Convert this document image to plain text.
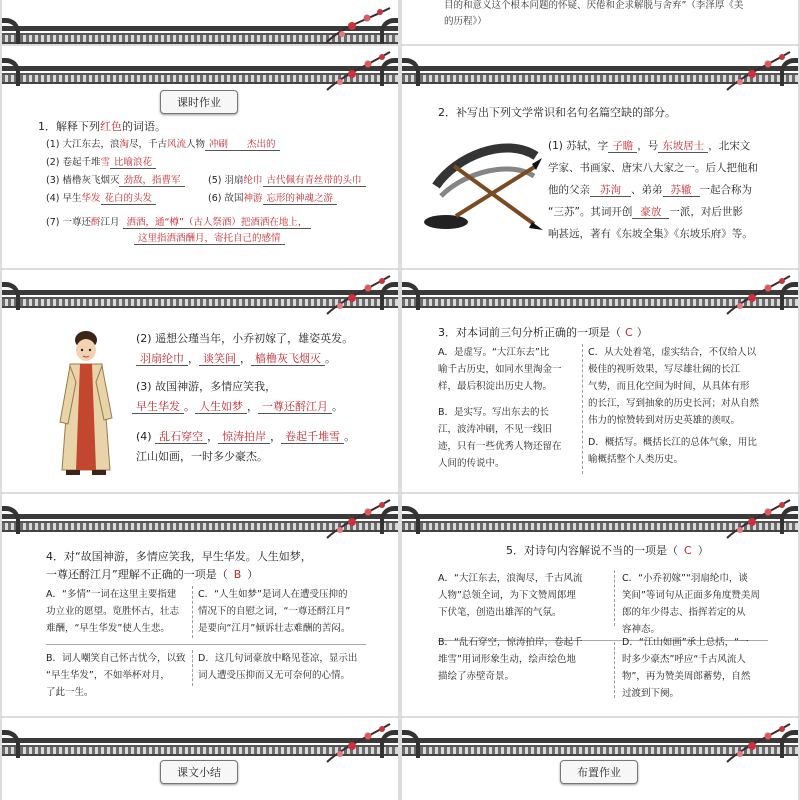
目的和意义这个根本问题的怀疑、厌倦和企求解脱与舍弃”（李泽厚《美
的历程》）
课时作业
1．解释下列红色的词语。
(1) 大江东去，浪淘尽，千古风流人物 冲刷　　杰出的
(2) 卷起千堆雪 比喻浪花
(3) 樯橹灰飞烟灭 劲敌，指曹军
(4) 早生华发 花白的头发
(5) 羽扇纶巾 古代佩有青丝带的头巾
(6) 故国神游 忘形的神魂之游
(7) 一尊还酹江月 洒酒，通“樽”（古人祭酒）把酒洒在地上，
这里指洒酒酬月，寄托自己的感情
2．补写出下列文学常识和名句名篇空缺的部分。
(1) 苏轼，字 子瞻 ，号 东坡居士 ，北宋文
学家、书画家、唐宋八大家之一。后人把他和
他的父亲 苏洵 、弟弟 苏辙 一起合称为
“三苏”。其词开创 豪放 一派，对后世影
响甚远，著有《东坡全集》《东坡乐府》等。
(2) 遥想公瑾当年，小乔初嫁了，雄姿英发。
羽扇纶巾 ， 谈笑间 ， 樯橹灰飞烟灭 。
(3) 故国神游，多情应笑我，
早生华发 。 人生如梦 ， 一尊还酹江月 。
(4) 乱石穿空 ， 惊涛拍岸 ， 卷起千堆雪 。
江山如画，一时多少豪杰。
3．对本词前三句分析正确的一项是（ C ）
A．是虚写。“大江东去”比
喻千古历史，如同水里淘金一
样，最后积淀出历史人物。
B．是实写。写出东去的长
江，波涛冲刷，不见一线旧
迹，只有一些优秀人物还留在
人间的传说中。
C．从大处着笔，虚实结合，不仅给人以
极佳的视听效果，写尽雄壮阔的长江
气势，而且化空间为时间，从具体有形
的长江，写到抽象的历史长河；对从自然
伟力的惊赞转到对历史英雄的羡叹。
D．概括写。概括长江的总体气象，用比
喻概括整个人类历史。
4．对“故国神游，多情应笑我，早生华发。人生如梦，
一尊还酹江月”理解不正确的一项是（ B ）
A．“多情”一词在这里主要指建
功立业的愿望。览胜怀古，壮志
难酬，“早生华发”使人生悲。
C．“人生如梦”是词人在遭受压抑的
情况下的自慰之词，“一尊还酹江月”
是要向“江月”倾诉壮志难酬的苦闷。
B．词人嘲笑自己怀古忧今，以致
“早生华发”，不如举杯对月，
了此一生。
D．这几句词豪放中略见苍凉，显示出
词人遭受压抑而又无可奈何的心情。
5．对诗句内容解说不当的一项是（ C ）
A．“大江东去，浪淘尽，千古风流
人物”总领全词，为下文赞周郎埋
下伏笔，创造出雄浑的气氛。
C．“小乔初嫁”“羽扇纶巾，谈
笑间”等词句从正面多角度赞美周
郎的年少得志、指挥若定的从
容神态。
B．“乱石穿空，惊涛拍岸，卷起千
堆雪”用词形象生动，绘声绘色地
描绘了赤壁奇景。
D．“江山如画”承上总括，“一
时多少豪杰”呼应“千古风流人
物”，再为赞美周郎蓄势，自然
过渡到下阕。
课文小结	布置作业
